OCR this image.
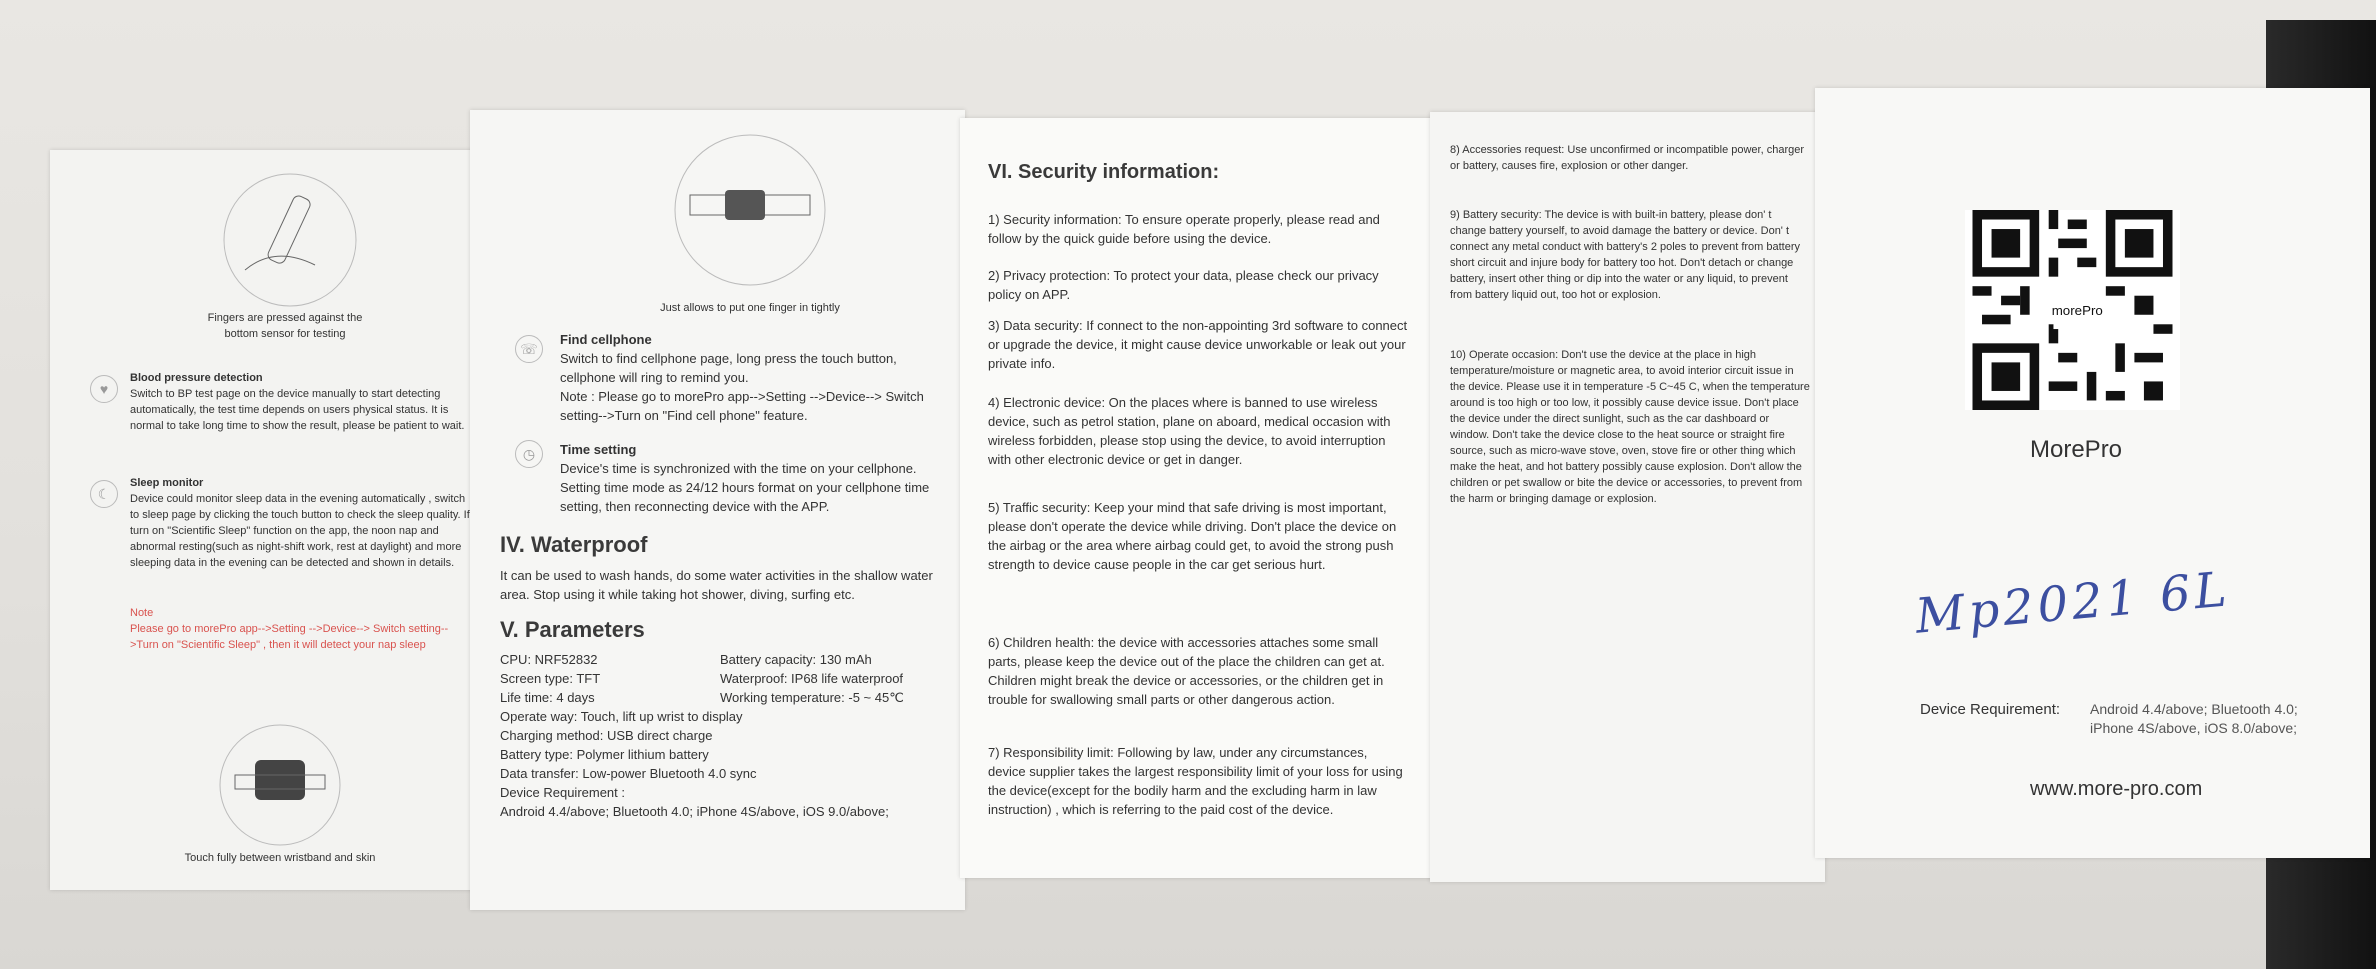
Fingers are pressed against the bottom sensor for testing
♥
Blood pressure detection
Switch to BP test page on the device manually to start detecting automatically, the test time depends on users physical status. It is normal to take long time to show the result, please be patient to wait.
☾
Sleep monitor
Device could monitor sleep data in the evening automatically , switch to sleep page by clicking the touch button to check the sleep quality. If turn on "Scientific Sleep" function on the app, the noon nap and abnormal resting(such as night-shift work, rest at daylight) and more sleeping data in the evening can be detected and shown in details.
Note
Please go to morePro app-->Setting -->Device--> Switch setting-->Turn on "Scientific Sleep" , then it will detect your nap sleep
Touch fully between wristband and skin
Just allows to put one finger in tightly
☏
Find cellphone
Switch to find cellphone page, long press the touch button, cellphone will ring to remind you.
Note : Please go to morePro app-->Setting -->Device--> Switch setting-->Turn on "Find cell phone" feature.
◷	Time setting
Device's time is synchronized with the time on your cellphone. Setting time mode as 24/12 hours format on your cellphone time setting, then reconnecting device with the APP.
IV. Waterproof
It can be used to wash hands, do some water activities in the shallow water area. Stop using it while taking hot shower, diving, surfing etc.
V. Parameters
CPU: NRF52832	Battery capacity: 130 mAh
Screen type: TFT	Waterproof: IP68 life waterproof
Life time: 4 days	Working temperature: -5 ~ 45℃
Operate way: Touch, lift up wrist to display
Charging method: USB direct charge
Battery type: Polymer lithium battery
Data transfer: Low-power Bluetooth 4.0 sync
Device Requirement :
Android 4.4/above; Bluetooth 4.0; iPhone 4S/above, iOS 9.0/above;
VI. Security information:
1) Security information: To ensure operate properly, please read and follow by the quick guide before using the device.
2) Privacy protection: To protect your data, please check our privacy policy on APP.
3) Data security: If connect to the non-appointing 3rd software to connect or upgrade the device, it might cause device unworkable or leak out your private info.
4) Electronic device: On the places where is banned to use wireless device, such as petrol station, plane on aboard, medical occasion with wireless forbidden, please stop using the device, to avoid interruption with other electronic device or get in danger.
5) Traffic security: Keep your mind that safe driving is most important, please don't operate the device while driving. Don't place the device on the airbag or the area where airbag could get, to avoid the strong push strength to device cause people in the car get serious hurt.
6) Children health: the device with accessories attaches some small parts, please keep the device out of the place the children can get at. Children might break the device or accessories, or the children get in trouble for swallowing small parts or other dangerous action.
7) Responsibility limit: Following by law, under any circumstances, device supplier takes the largest responsibility limit of your loss for using the device(except for the bodily harm and the excluding harm in law instruction) , which is referring to the paid cost of the device.
8) Accessories request: Use unconfirmed or incompatible power, charger or battery, causes fire, explosion or other danger.
9) Battery security: The device is with built-in battery, please don' t change battery yourself, to avoid damage the battery or device. Don' t connect any metal conduct with battery's 2 poles to prevent from battery short circuit and injure body for battery too hot. Don't detach or change battery, insert other thing or dip into the water or any liquid, to prevent from battery liquid out, too hot or explosion.
10) Operate occasion: Don't use the device at the place in high temperature/moisture or magnetic area, to avoid interior circuit issue in the device. Please use it in temperature -5 C~45 C, when the temperature around is too high or too low, it possibly cause device issue. Don't place the device under the direct sunlight, such as the car dashboard or window. Don't take the device close to the heat source or straight fire source, such as micro-wave stove, oven, stove fire or other thing which make the heat, and hot battery possibly cause explosion. Don't allow the children or pet swallow or bite the device or accessories, to prevent from the harm or bringing damage or explosion.
morePro
MorePro
Mp2021 6L
Device Requirement: Android 4.4/above; Bluetooth 4.0; iPhone 4S/above, iOS 8.0/above;
www.more-pro.com
